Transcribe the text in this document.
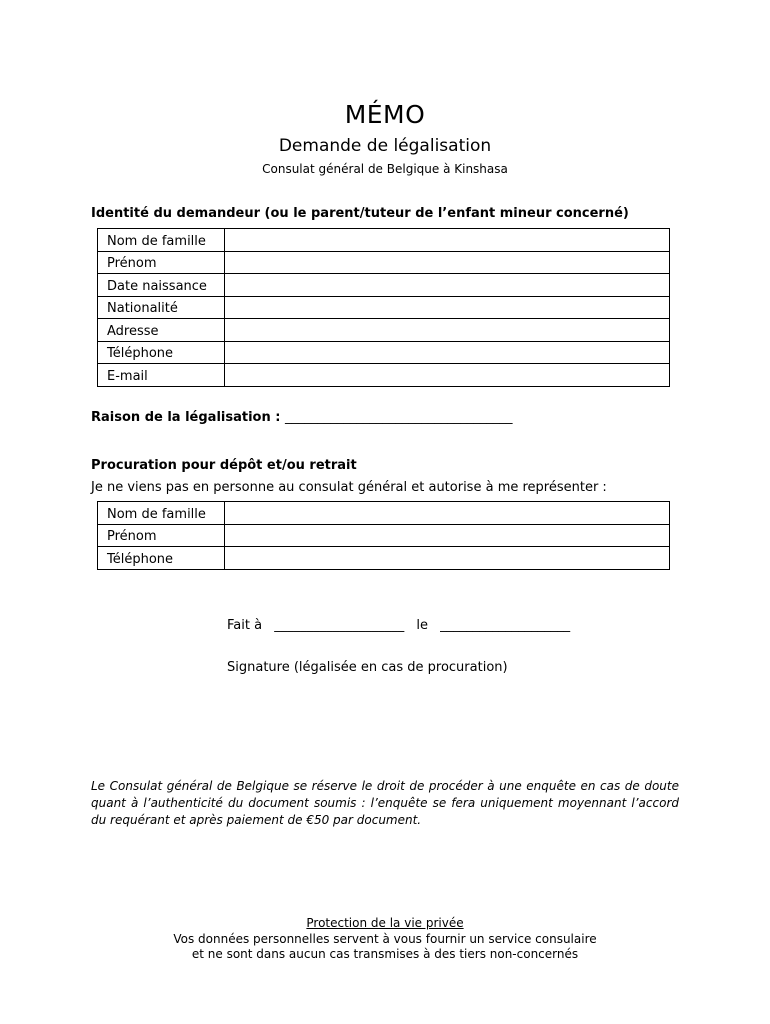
MÉMO
Demande de légalisation
Consulat général de Belgique à Kinshasa
Identité du demandeur (ou le parent/tuteur de l’enfant mineur concerné)
Nom de famille	
Prénom	
Date naissance	
Nationalité	
Adresse	
Téléphone	
E-mail	
Raison de la légalisation : ___________________________________
Procuration pour dépôt et/ou retrait
Je ne viens pas en personne au consulat général et autorise à me représenter :
Nom de famille	
Prénom	
Téléphone	
Fait à ____________________ le ____________________
Signature (légalisée en cas de procuration)
Le Consulat général de Belgique se réserve le droit de procéder à une enquête en cas de doute quant à l’authenticité du document soumis : l’enquête se fera uniquement moyennant l’accord du requérant et après paiement de €50 par document.
Protection de la vie privée
Vos données personnelles servent à vous fournir un service consulaire
et ne sont dans aucun cas transmises à des tiers non-concernés
